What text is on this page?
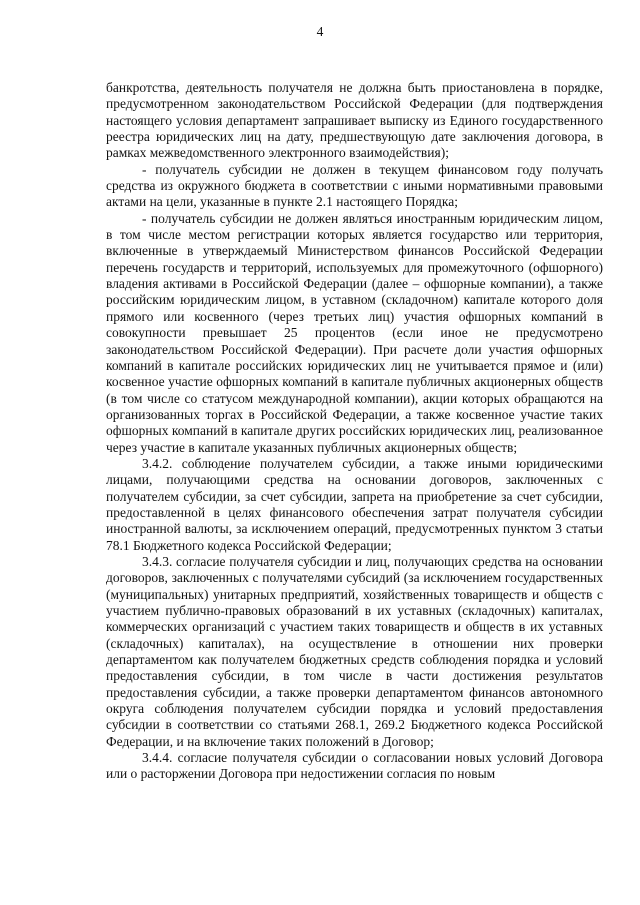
4

банкротства, деятельность получателя не должна быть приостановлена в порядке, предусмотренном законодательством Российской Федерации (для подтверждения настоящего условия департамент запрашивает выписку из Единого государственного реестра юридических лиц на дату, предшествующую дате заключения договора, в рамках межведомственного электронного взаимодействия);

- получатель субсидии не должен в текущем финансовом году получать средства из окружного бюджета в соответствии с иными нормативными правовыми актами на цели, указанные в пункте 2.1 настоящего Порядка;

- получатель субсидии не должен являться иностранным юридическим лицом, в том числе местом регистрации которых является государство или территория, включенные в утверждаемый Министерством финансов Российской Федерации перечень государств и территорий, используемых для промежуточного (офшорного) владения активами в Российской Федерации (далее – офшорные компании), а также российским юридическим лицом, в уставном (складочном) капитале которого доля прямого или косвенного (через третьих лиц) участия офшорных компаний в совокупности превышает 25 процентов (если иное не предусмотрено законодательством Российской Федерации). При расчете доли участия офшорных компаний в капитале российских юридических лиц не учитывается прямое и (или) косвенное участие офшорных компаний в капитале публичных акционерных обществ (в том числе со статусом международной компании), акции которых обращаются на организованных торгах в Российской Федерации, а также косвенное участие таких офшорных компаний в капитале других российских юридических лиц, реализованное через участие в капитале указанных публичных акционерных обществ;

3.4.2. соблюдение получателем субсидии, а также иными юридическими лицами, получающими средства на основании договоров, заключенных с получателем субсидии, за счет субсидии, запрета на приобретение за счет субсидии, предоставленной в целях финансового обеспечения затрат получателя субсидии иностранной валюты, за исключением операций, предусмотренных пунктом 3 статьи 78.1 Бюджетного кодекса Российской Федерации;

3.4.3. согласие получателя субсидии и лиц, получающих средства на основании договоров, заключенных с получателями субсидий (за исключением государственных (муниципальных) унитарных предприятий, хозяйственных товариществ и обществ с участием публично-правовых образований в их уставных (складочных) капиталах, коммерческих организаций с участием таких товариществ и обществ в их уставных (складочных) капиталах), на осуществление в отношении них проверки департаментом как получателем бюджетных средств соблюдения порядка и условий предоставления субсидии, в том числе в части достижения результатов предоставления субсидии, а также проверки департаментом финансов автономного округа соблюдения получателем субсидии порядка и условий предоставления субсидии в соответствии со статьями 268.1, 269.2 Бюджетного кодекса Российской Федерации, и на включение таких положений в Договор;

3.4.4. согласие получателя субсидии о согласовании новых условий Договора или о расторжении Договора при недостижении согласия по новым
